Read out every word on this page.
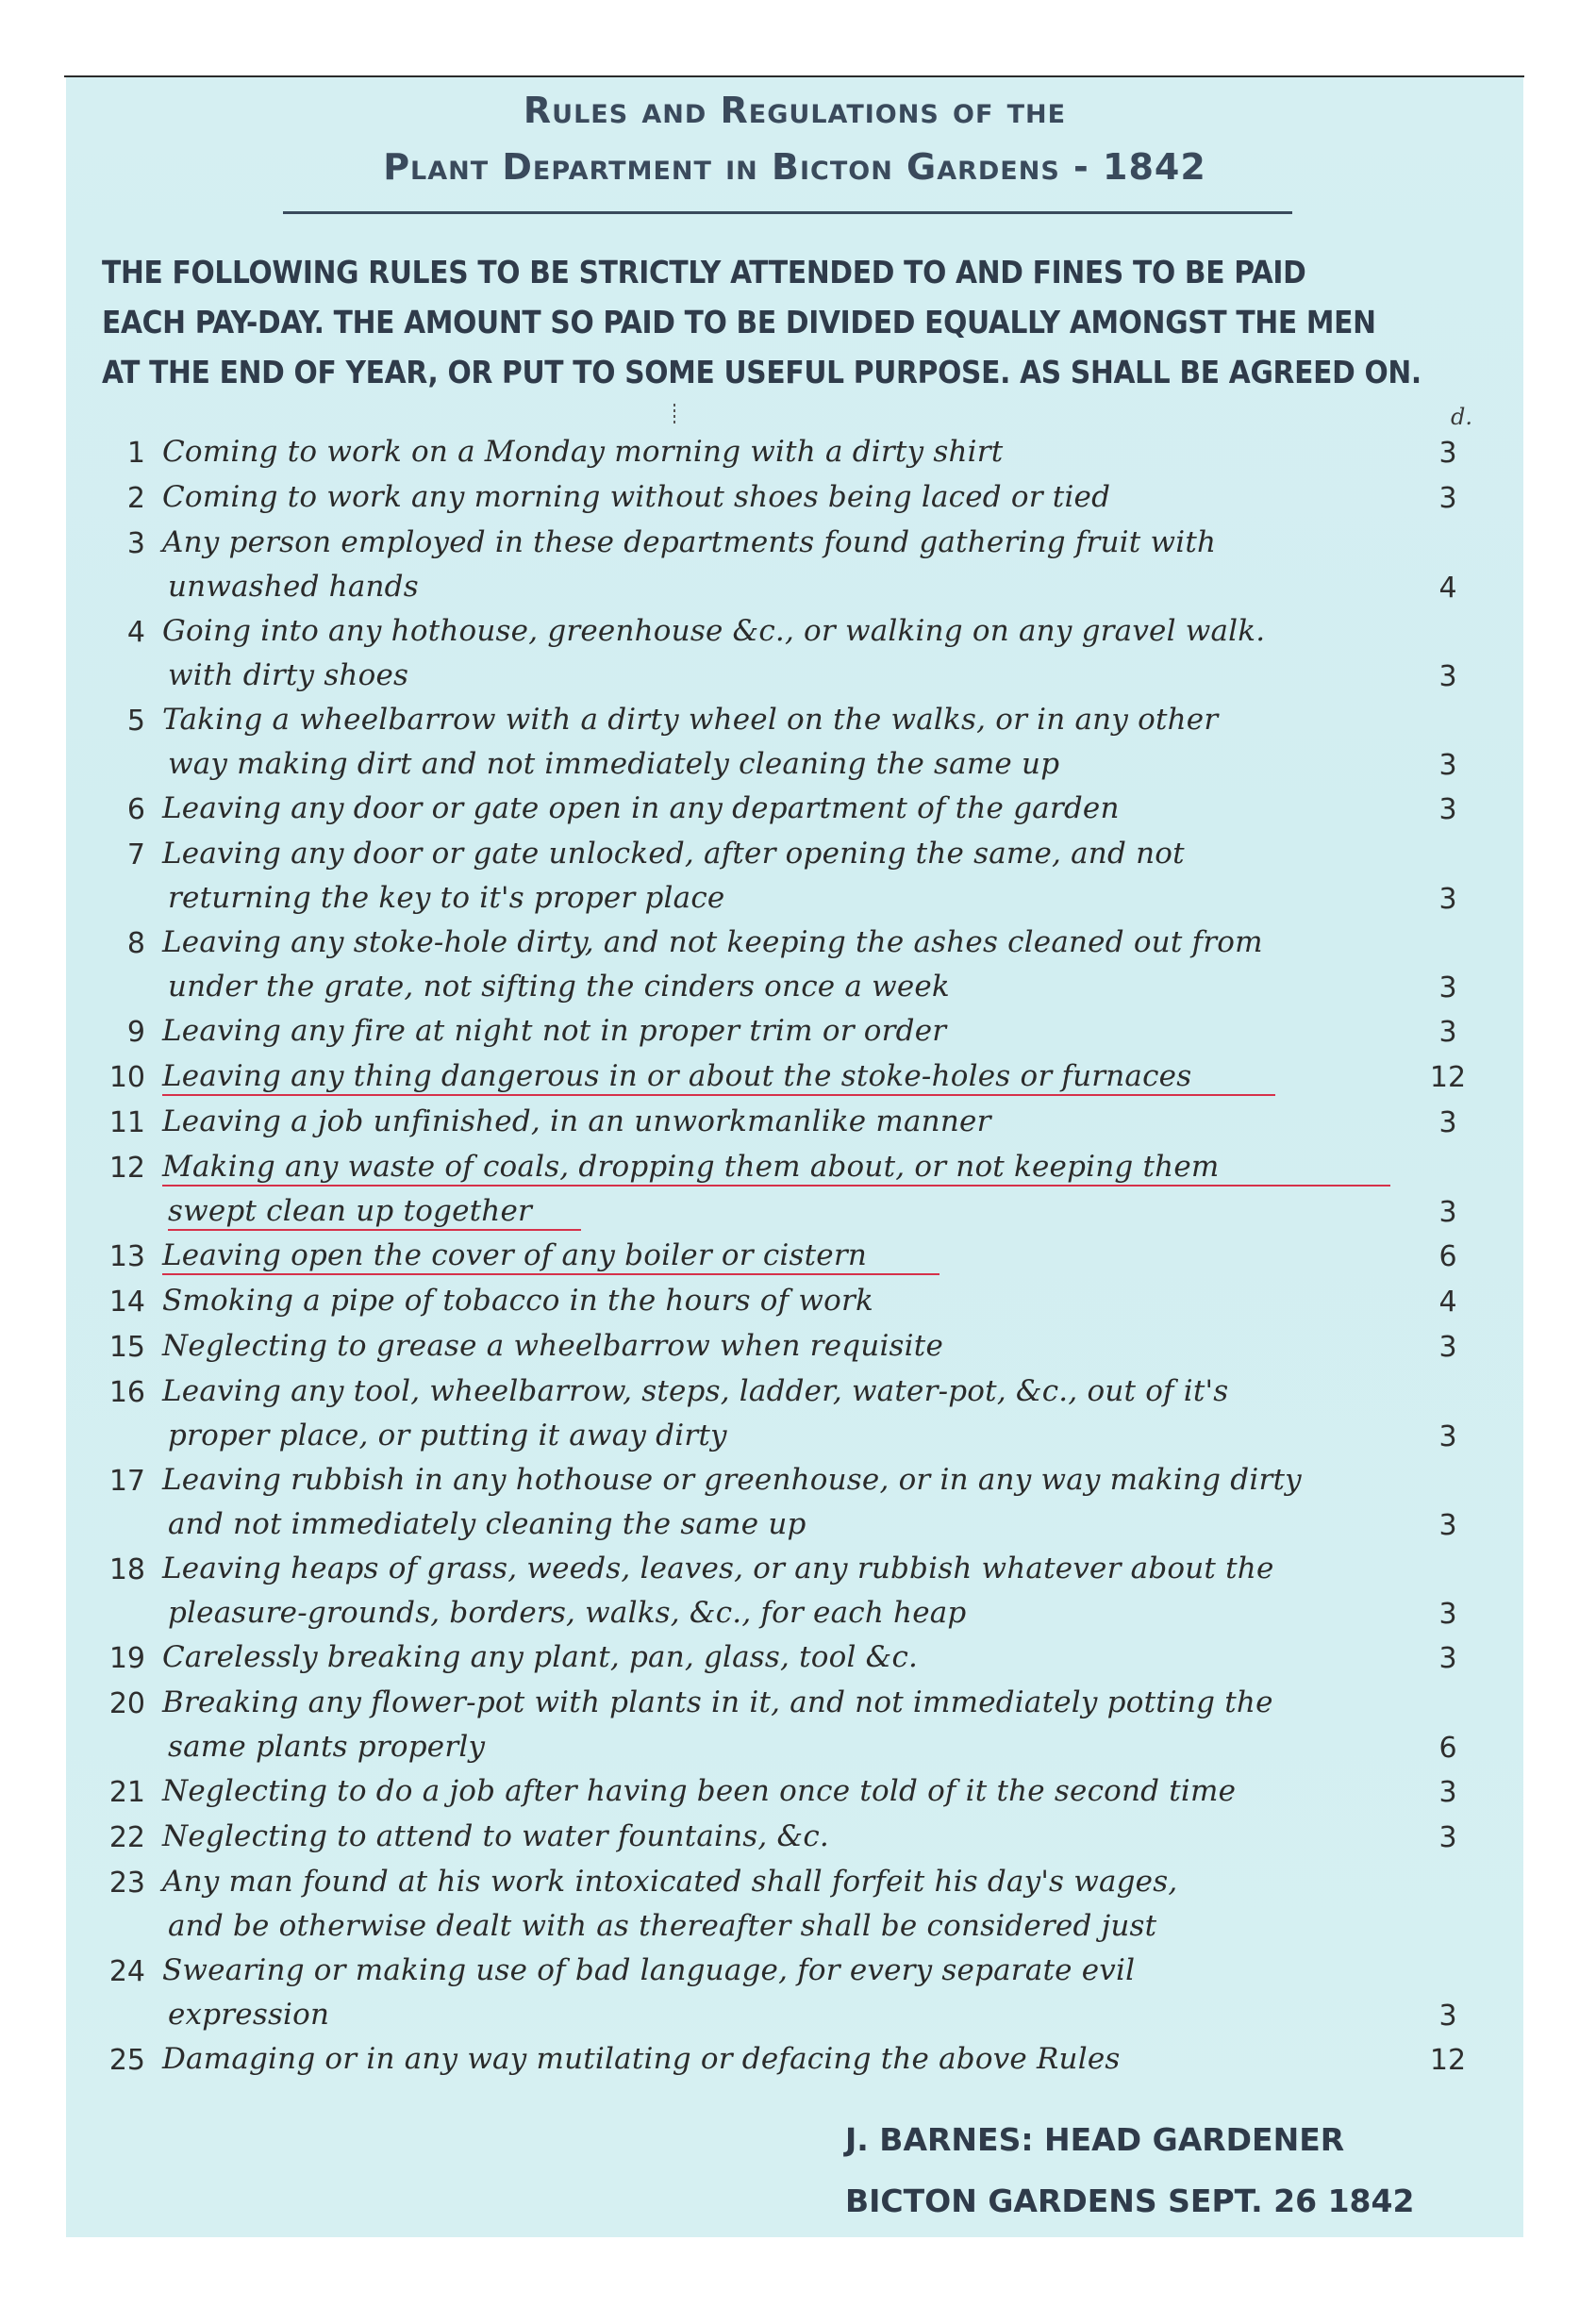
Rules and Regulations of the
Plant Department in Bicton Gardens - 1842
THE FOLLOWING RULES TO BE STRICTLY ATTENDED TO AND FINES TO BE PAID
EACH PAY-DAY. THE AMOUNT SO PAID TO BE DIVIDED EQUALLY AMONGST THE MEN
AT THE END OF YEAR, OR PUT TO SOME USEFUL PURPOSE. AS SHALL BE AGREED ON.
d.
1 Coming to work on a Monday morning with a dirty shirt	3
2 Coming to work any morning without shoes being laced or tied	3
3 Any person employed in these departments found gathering fruit with
unwashed hands	4
4 Going into any hothouse, greenhouse &c., or walking on any gravel walk.
with dirty shoes	3
5 Taking a wheelbarrow with a dirty wheel on the walks, or in any other
way making dirt and not immediately cleaning the same up	3
6 Leaving any door or gate open in any department of the garden	3
7 Leaving any door or gate unlocked, after opening the same, and not
returning the key to it's proper place	3
8 Leaving any stoke-hole dirty, and not keeping the ashes cleaned out from
under the grate, not sifting the cinders once a week	3
9 Leaving any fire at night not in proper trim or order	3
10 Leaving any thing dangerous in or about the stoke-holes or furnaces	12
11 Leaving a job unfinished, in an unworkmanlike manner	3
12 Making any waste of coals, dropping them about, or not keeping them
swept clean up together	3
13 Leaving open the cover of any boiler or cistern	6
14 Smoking a pipe of tobacco in the hours of work	4
15 Neglecting to grease a wheelbarrow when requisite	3
16 Leaving any tool, wheelbarrow, steps, ladder, water-pot, &c., out of it's
proper place, or putting it away dirty	3
17 Leaving rubbish in any hothouse or greenhouse, or in any way making dirty
and not immediately cleaning the same up	3
18 Leaving heaps of grass, weeds, leaves, or any rubbish whatever about the
pleasure-grounds, borders, walks, &c., for each heap	3
19 Carelessly breaking any plant, pan, glass, tool &c.	3
20 Breaking any flower-pot with plants in it, and not immediately potting the
same plants properly	6
21 Neglecting to do a job after having been once told of it the second time	3
22 Neglecting to attend to water fountains, &c.	3
23 Any man found at his work intoxicated shall forfeit his day's wages,
and be otherwise dealt with as thereafter shall be considered just
24 Swearing or making use of bad language, for every separate evil
expression	3
25 Damaging or in any way mutilating or defacing the above Rules	12
J. BARNES: HEAD GARDENER
BICTON GARDENS SEPT. 26 1842
